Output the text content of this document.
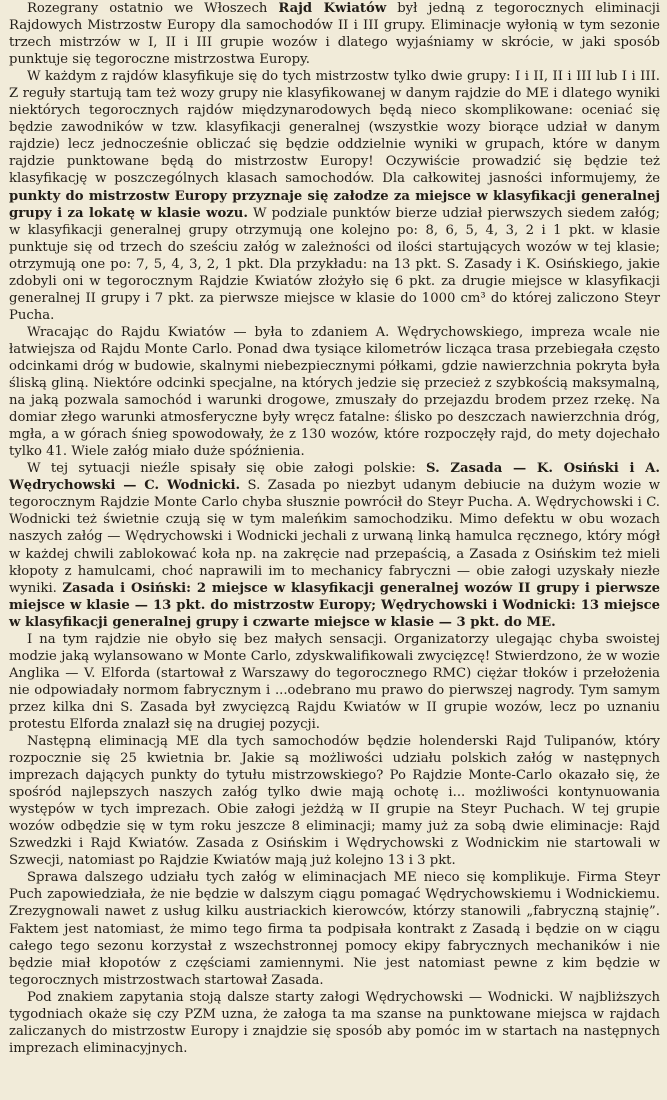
Rozegrany ostatnio we Włoszech Rajd Kwiatów był jedną z tegorocznych eliminacji Rajdowych Mistrzostw Europy dla samochodów II i III grupy. Eliminacje wyłonią w tym sezonie trzech mistrzów w I, II i III grupie wozów i dlatego wyjaśniamy w skrócie, w jaki sposób punktuje się tegoroczne mistrzostwa Europy.

W każdym z rajdów klasyfikuje się do tych mistrzostw tylko dwie grupy: I i II, II i III lub I i III. Z reguły startują tam też wozy grupy nie klasyfikowanej w danym rajdzie do ME i dlatego wyniki niektórych tegorocznych rajdów międzynarodowych będą nieco skomplikowane: oceniać się będzie zawodników w tzw. klasyfikacji generalnej (wszystkie wozy biorące udział w danym rajdzie) lecz jednocześnie obliczać się będzie oddzielnie wyniki w grupach, które w danym rajdzie punktowane będą do mistrzostw Europy! Oczywiście prowadzić się będzie też klasyfikację w poszczególnych klasach samochodów. Dla całkowitej jasności informujemy, że punkty do mistrzostw Europy przyznaje się załodze za miejsce w klasyfikacji generalnej grupy i za lokatę w klasie wozu. W podziale punktów bierze udział pierwszych siedem załóg; w klasyfikacji generalnej grupy otrzymują one kolejno po: 8, 6, 5, 4, 3, 2 i 1 pkt. w klasie punktuje się od trzech do sześciu załóg w zależności od ilości startujących wozów w tej klasie; otrzymują one po: 7, 5, 4, 3, 2, 1 pkt. Dla przykładu: na 13 pkt. S. Zasady i K. Osińskiego, jakie zdobyli oni w tegorocznym Rajdzie Kwiatów złożyło się 6 pkt. za drugie miejsce w klasyfikacji generalnej II grupy i 7 pkt. za pierwsze miejsce w klasie do 1000 cm³ do której zaliczono Steyr Pucha.

Wracając do Rajdu Kwiatów — była to zdaniem A. Wędrychowskiego, impreza wcale nie łatwiejsza od Rajdu Monte Carlo. Ponad dwa tysiące kilometrów licząca trasa przebiegała często odcinkami dróg w budowie, skalnymi niebezpiecznymi półkami, gdzie nawierzchnia pokryta była śliską gliną. Niektóre odcinki specjalne, na których jedzie się przecież z szybkością maksymalną, na jaką pozwala samochód i warunki drogowe, zmuszały do przejazdu brodem przez rzekę. Na domiar złego warunki atmosferyczne były wręcz fatalne: ślisko po deszczach nawierzchnia dróg, mgła, a w górach śnieg spowodowały, że z 130 wozów, które rozpoczęły rajd, do mety dojechało tylko 41. Wiele załóg miało duże spóźnienia.

W tej sytuacji nieźle spisały się obie załogi polskie: S. Zasada — K. Osiński i A. Wędrychowski — C. Wodnicki. S. Zasada po niezbyt udanym debiucie na dużym wozie w tegorocznym Rajdzie Monte Carlo chyba słusznie powrócił do Steyr Pucha. A. Wędrychowski i C. Wodnicki też świetnie czują się w tym maleńkim samochodziku. Mimo defektu w obu wozach naszych załóg — Wędrychowski i Wodnicki jechali z urwaną linką hamulca ręcznego, który mógł w każdej chwili zablokować koła np. na zakręcie nad przepaścią, a Zasada z Osińskim też mieli kłopoty z hamulcami, choć naprawili im to mechanicy fabryczni — obie załogi uzyskały niezłe wyniki. Zasada i Osiński: 2 miejsce w klasyfikacji generalnej wozów II grupy i pierwsze miejsce w klasie — 13 pkt. do mistrzostw Europy; Wędrychowski i Wodnicki: 13 miejsce w klasyfikacji generalnej grupy i czwarte miejsce w klasie — 3 pkt. do ME.

I na tym rajdzie nie obyło się bez małych sensacji. Organizatorzy ulegając chyba swoistej modzie jaką wylansowano w Monte Carlo, zdyskwalifikowali zwycięzcę! Stwierdzono, że w wozie Anglika — V. Elforda (startował z Warszawy do tegorocznego RMC) ciężar tłoków i przełożenia nie odpowiadały normom fabrycznym i ...odebrano mu prawo do pierwszej nagrody. Tym samym przez kilka dni S. Zasada był zwycięzcą Rajdu Kwiatów w II grupie wozów, lecz po uznaniu protestu Elforda znalazł się na drugiej pozycji.

Następną eliminacją ME dla tych samochodów będzie holenderski Rajd Tulipanów, który rozpocznie się 25 kwietnia br. Jakie są możliwości udziału polskich załóg w następnych imprezach dających punkty do tytułu mistrzowskiego? Po Rajdzie Monte-Carlo okazało się, że spośród najlepszych naszych załóg tylko dwie mają ochotę i... możliwości kontynuowania występów w tych imprezach. Obie załogi jeżdżą w II grupie na Steyr Puchach. W tej grupie wozów odbędzie się w tym roku jeszcze 8 eliminacji; mamy już za sobą dwie eliminacje: Rajd Szwedzki i Rajd Kwiatów. Zasada z Osińskim i Wędrychowski z Wodnickim nie startowali w Szwecji, natomiast po Rajdzie Kwiatów mają już kolejno 13 i 3 pkt.

Sprawa dalszego udziału tych załóg w eliminacjach ME nieco się komplikuje. Firma Steyr Puch zapowiedziała, że nie będzie w dalszym ciągu pomagać Wędrychowskiemu i Wodnickiemu. Zrezygnowali nawet z usług kilku austriackich kierowców, którzy stanowili „fabryczną stajnię”. Faktem jest natomiast, że mimo tego firma ta podpisała kontrakt z Zasadą i będzie on w ciągu całego tego sezonu korzystał z wszechstronnej pomocy ekipy fabrycznych mechaników i nie będzie miał kłopotów z częściami zamiennymi. Nie jest natomiast pewne z kim będzie w tegorocznych mistrzostwach startował Zasada.

Pod znakiem zapytania stoją dalsze starty załogi Wędrychowski — Wodnicki. W najbliższych tygodniach okaże się czy PZM uzna, że załoga ta ma szanse na punktowane miejsca w rajdach zaliczanych do mistrzostw Europy i znajdzie się sposób aby pomóc im w startach na następnych imprezach eliminacyjnych.
